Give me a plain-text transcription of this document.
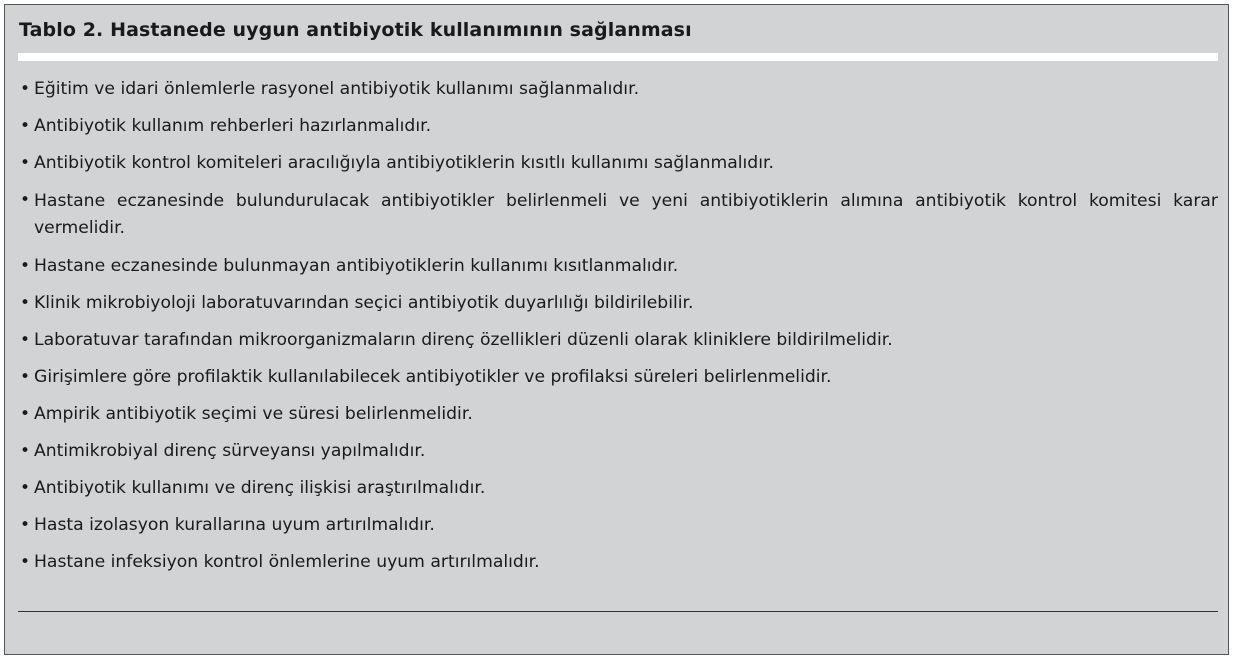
Tablo 2. Hastanede uygun antibiyotik kullanımının sağlanması
• Eğitim ve idari önlemlerle rasyonel antibiyotik kullanımı sağlanmalıdır.
• Antibiyotik kullanım rehberleri hazırlanmalıdır.
• Antibiyotik kontrol komiteleri aracılığıyla antibiyotiklerin kısıtlı kullanımı sağlanmalıdır.
• Hastane eczanesinde bulundurulacak antibiyotikler belirlenmeli ve yeni antibiyotiklerin alımına antibiyotik kontrol komitesi karar vermelidir.
• Hastane eczanesinde bulunmayan antibiyotiklerin kullanımı kısıtlanmalıdır.
• Klinik mikrobiyoloji laboratuvarından seçici antibiyotik duyarlılığı bildirilebilir.
• Laboratuvar tarafından mikroorganizmaların direnç özellikleri düzenli olarak kliniklere bildirilmelidir.
• Girişimlere göre profilaktik kullanılabilecek antibiyotikler ve profilaksi süreleri belirlenmelidir.
• Ampirik antibiyotik seçimi ve süresi belirlenmelidir.
• Antimikrobiyal direnç sürveyansı yapılmalıdır.
• Antibiyotik kullanımı ve direnç ilişkisi araştırılmalıdır.
• Hasta izolasyon kurallarına uyum artırılmalıdır.
• Hastane infeksiyon kontrol önlemlerine uyum artırılmalıdır.
